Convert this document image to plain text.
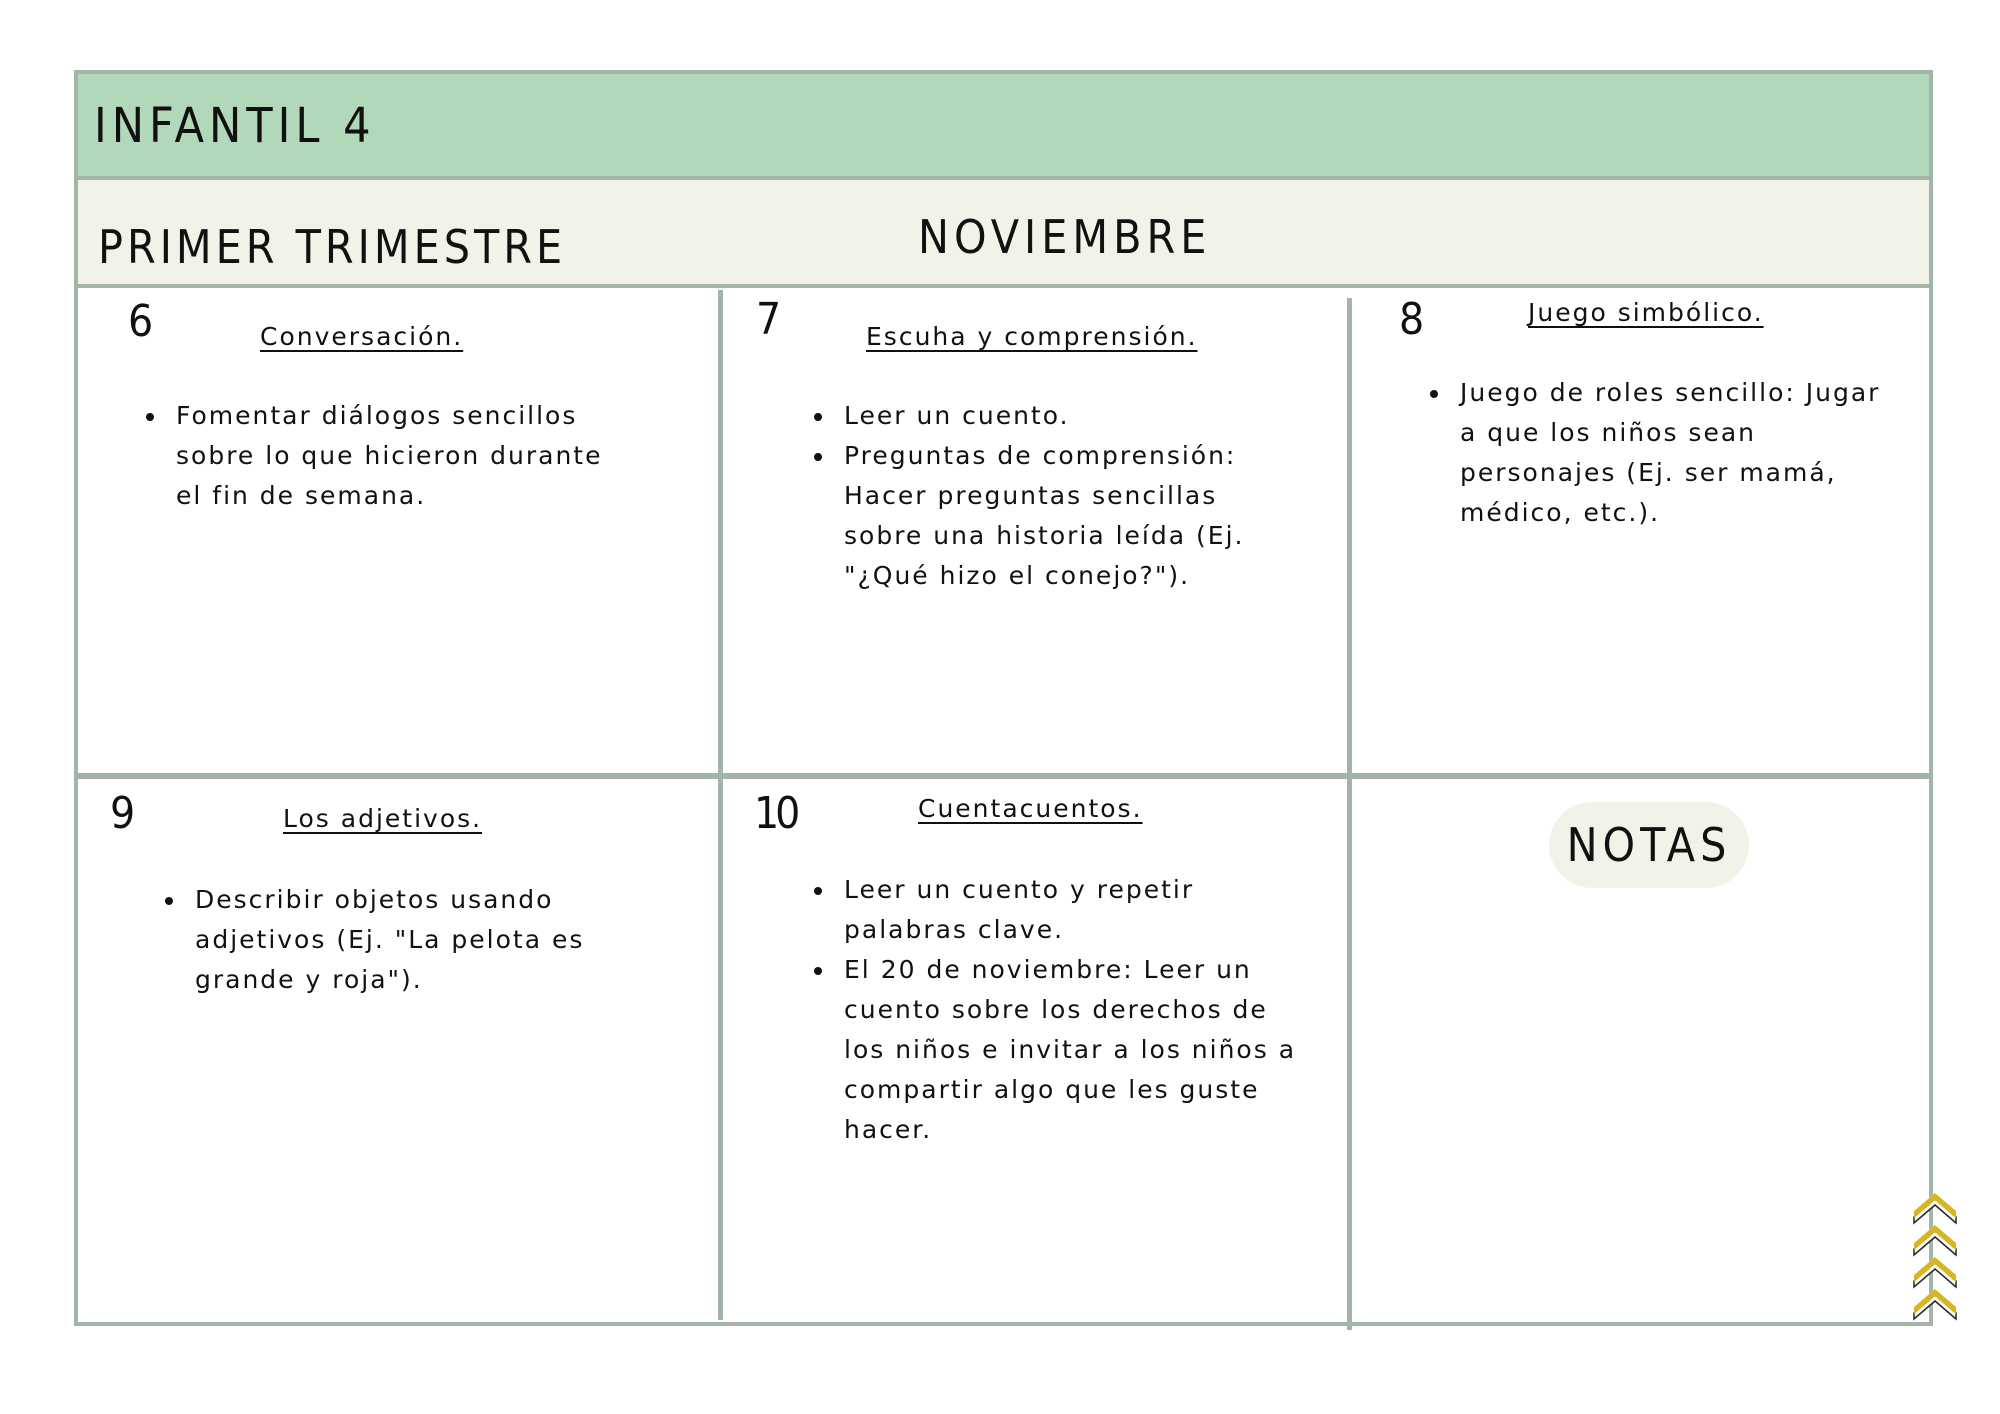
INFANTIL 4
PRIMER TRIMESTRE	NOVIEMBRE

6	Conversación.

• Fomentar diálogos sencillos sobre lo que hicieron durante el fin de semana.

7	Escuha y comprensión.

• Leer un cuento.
• Preguntas de comprensión: Hacer preguntas sencillas sobre una historia leída (Ej. "¿Qué hizo el conejo?").

8	Juego simbólico.

• Juego de roles sencillo: Jugar a que los niños sean personajes (Ej. ser mamá, médico, etc.).

9	Los adjetivos.

• Describir objetos usando adjetivos (Ej. "La pelota es grande y roja").

10	Cuentacuentos.

• Leer un cuento y repetir palabras clave.
• El 20 de noviembre: Leer un cuento sobre los derechos de los niños e invitar a los niños a compartir algo que les guste hacer.
NOTAS
